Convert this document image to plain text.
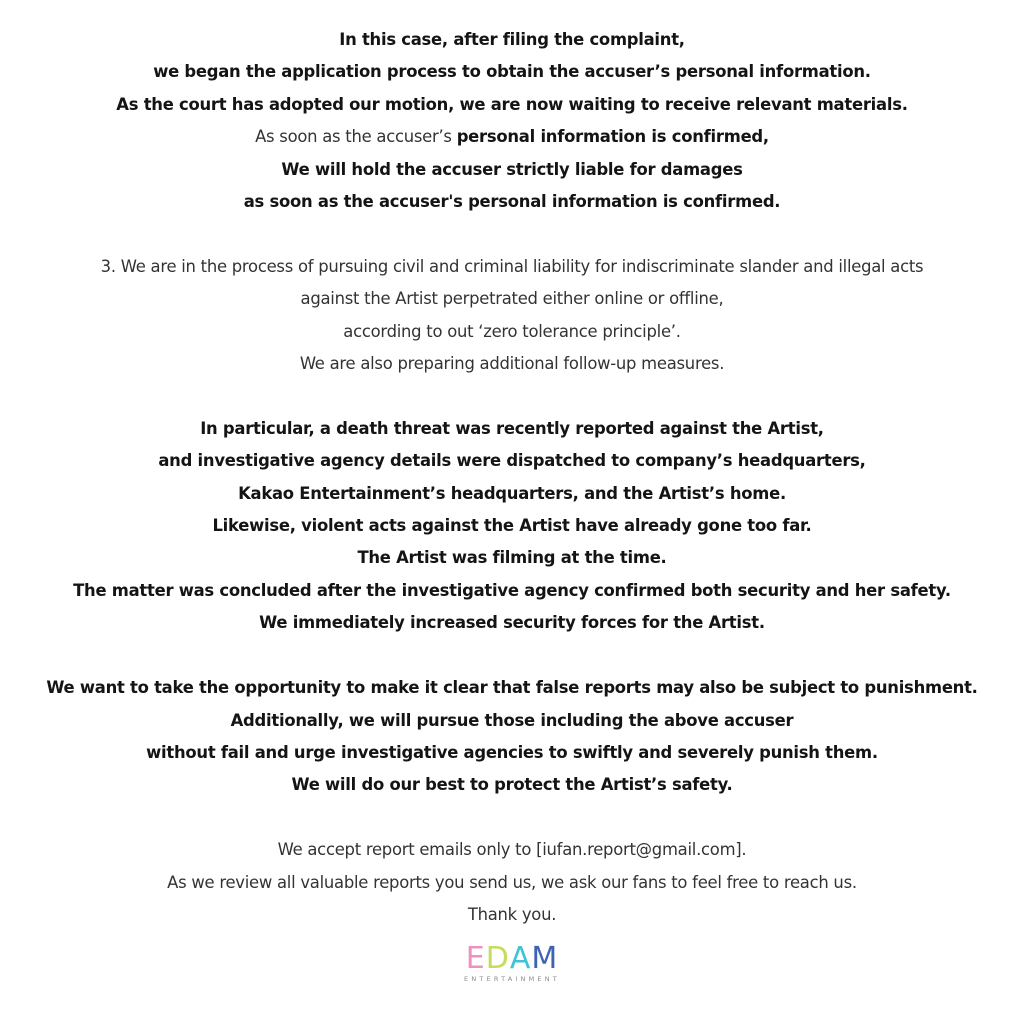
In this case, after filing the complaint,
we began the application process to obtain the accuser’s personal information.
As the court has adopted our motion, we are now waiting to receive relevant materials.
As soon as the accuser’s personal information is confirmed,
We will hold the accuser strictly liable for damages
as soon as the accuser's personal information is confirmed.
3. We are in the process of pursuing civil and criminal liability for indiscriminate slander and illegal acts
against the Artist perpetrated either online or offline,
according to out ‘zero tolerance principle’.
We are also preparing additional follow-up measures.
In particular, a death threat was recently reported against the Artist,
and investigative agency details were dispatched to company’s headquarters,
Kakao Entertainment’s headquarters, and the Artist’s home.
Likewise, violent acts against the Artist have already gone too far.
The Artist was filming at the time.
The matter was concluded after the investigative agency confirmed both security and her safety.
We immediately increased security forces for the Artist.
We want to take the opportunity to make it clear that false reports may also be subject to punishment.
Additionally, we will pursue those including the above accuser
without fail and urge investigative agencies to swiftly and severely punish them.
We will do our best to protect the Artist’s safety.
We accept report emails only to [iufan.report@gmail.com].
As we review all valuable reports you send us, we ask our fans to feel free to reach us.
Thank you.
EDAM
ENTERTAINMENT
